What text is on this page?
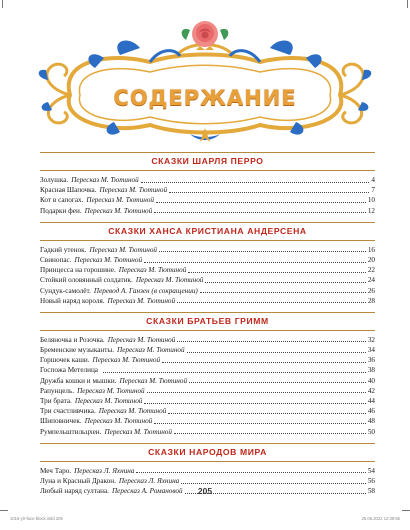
СОДЕРЖАНИЕ
СКАЗКИ ШАРЛЯ ПЕРРО
Золушка. Пересказ М. Тютиной	4
Красная Шапочка. Пересказ М. Тютиной	7
Кот в сапогах. Пересказ М. Тютиной	10
Подарки феи. Пересказ М. Тютиной	12
СКАЗКИ ХАНСА КРИСТИАНА АНДЕРСЕНА
Гадкий утенок. Пересказ М. Тютиной	16
Свинопас. Пересказ М. Тютиной	20
Принцесса на горошине. Пересказ М. Тютиной	22
Стойкий оловянный солдатик. Пересказ М. Тютиной	24
Сундук-самолёт. Перевод А. Ганзен (в сокращении)	26
Новый наряд короля. Пересказ М. Тютиной	28
СКАЗКИ БРАТЬЕВ ГРИММ
Беляночка и Розочка. Пересказ М. Тютиной	32
Бременские музыканты. Пересказ М. Тютиной	34
Горшочек каши. Пересказ М. Тютиной	36
Госпожа Метелица	38
Дружба кошки и мышки. Пересказ М. Тютиной	40
Рапунцель. Пересказ М. Тютиной	42
Три брата. Пересказ М. Тютиной	44
Три счастливчика. Пересказ М. Тютиной	46
Шиповничек. Пересказ М. Тютиной	48
Румпельштильцхен. Пересказ М. Тютиной	50
СКАЗКИ НАРОДОВ МИРА
Меч Таро. Пересказ Л. Яхнина	54
Луна и Красный Дракон. Пересказ Л. Яхнина	56
Любый наряд султана. Пересказ А. Романовой	58
205
1015-ylr-face-block.indd 205	25.05.2022 12:39:55
